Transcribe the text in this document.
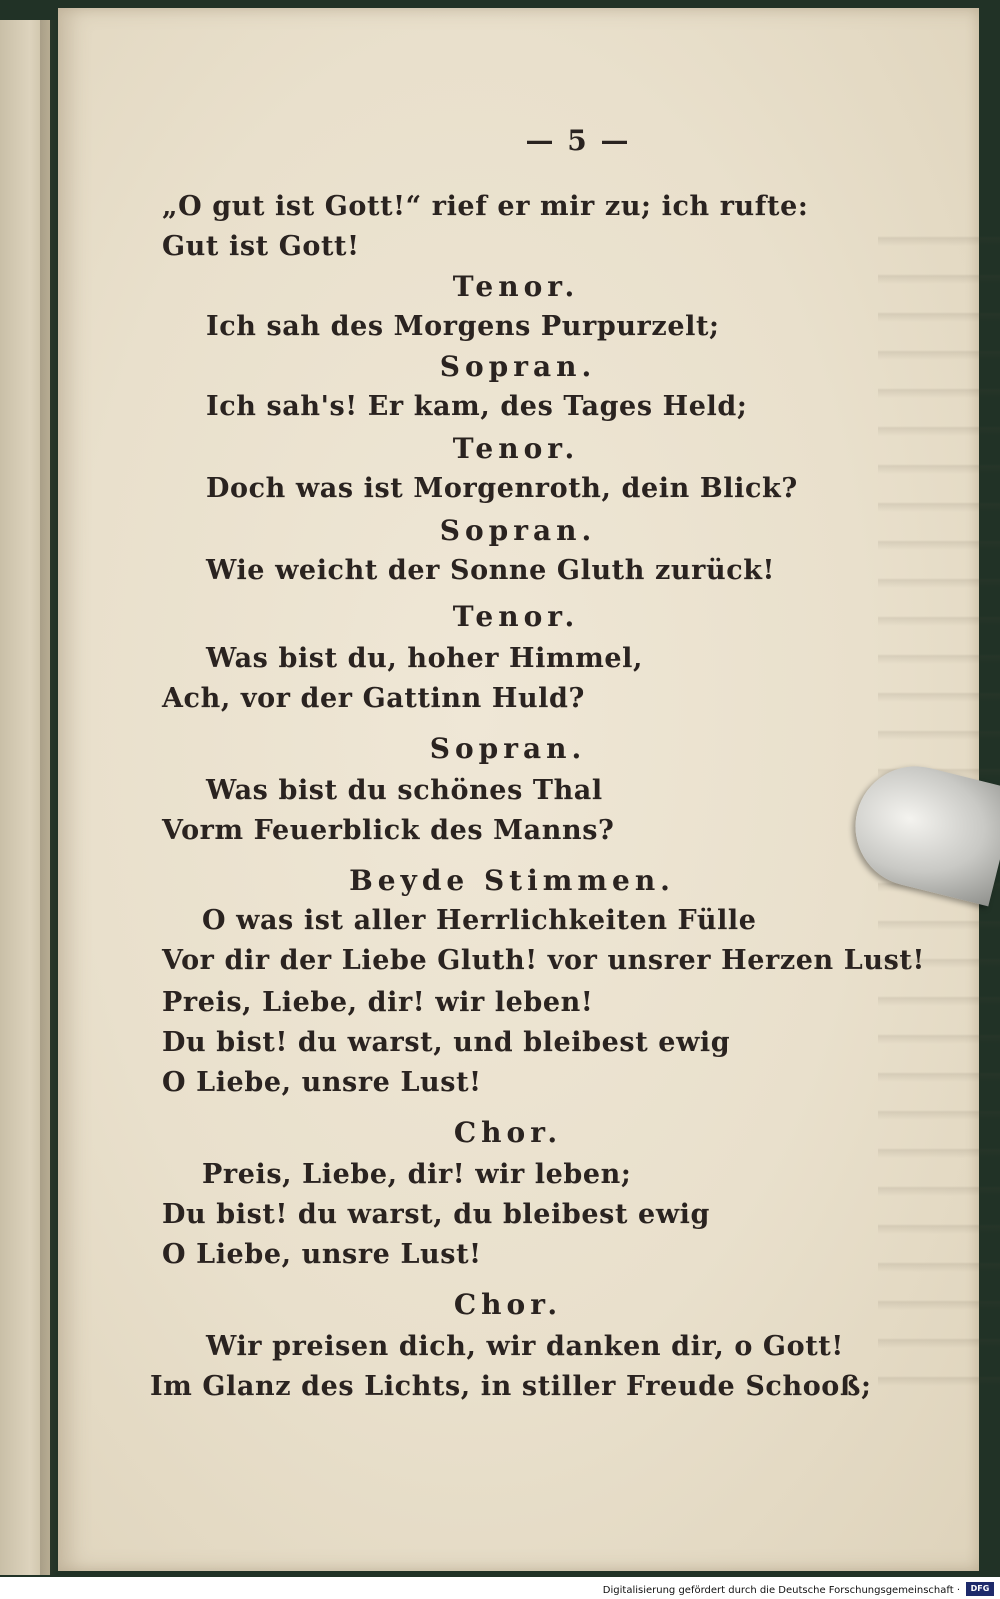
— 5 —
„O gut ist Gott!“ rief er mir zu; ich rufte:
Gut ist Gott!
Tenor.
Ich sah des Morgens Purpurzelt;
Sopran.
Ich sah's! Er kam, des Tages Held;
Tenor.
Doch was ist Morgenroth, dein Blick?
Sopran.
Wie weicht der Sonne Gluth zurück!
Tenor.
Was bist du, hoher Himmel,
Ach, vor der Gattinn Huld?
Sopran.
Was bist du schönes Thal
Vorm Feuerblick des Manns?
Beyde Stimmen.
O was ist aller Herrlichkeiten Fülle
Vor dir der Liebe Gluth! vor unsrer Herzen Lust!
Preis, Liebe, dir! wir leben!
Du bist! du warst, und bleibest ewig
O Liebe, unsre Lust!
Chor.
Preis, Liebe, dir! wir leben;
Du bist! du warst, du bleibest ewig
O Liebe, unsre Lust!
Chor.
Wir preisen dich, wir danken dir, o Gott!
Im Glanz des Lichts, in stiller Freude Schooß;
Digitalisierung gefördert durch die Deutsche Forschungsgemeinschaft ·	DFG
